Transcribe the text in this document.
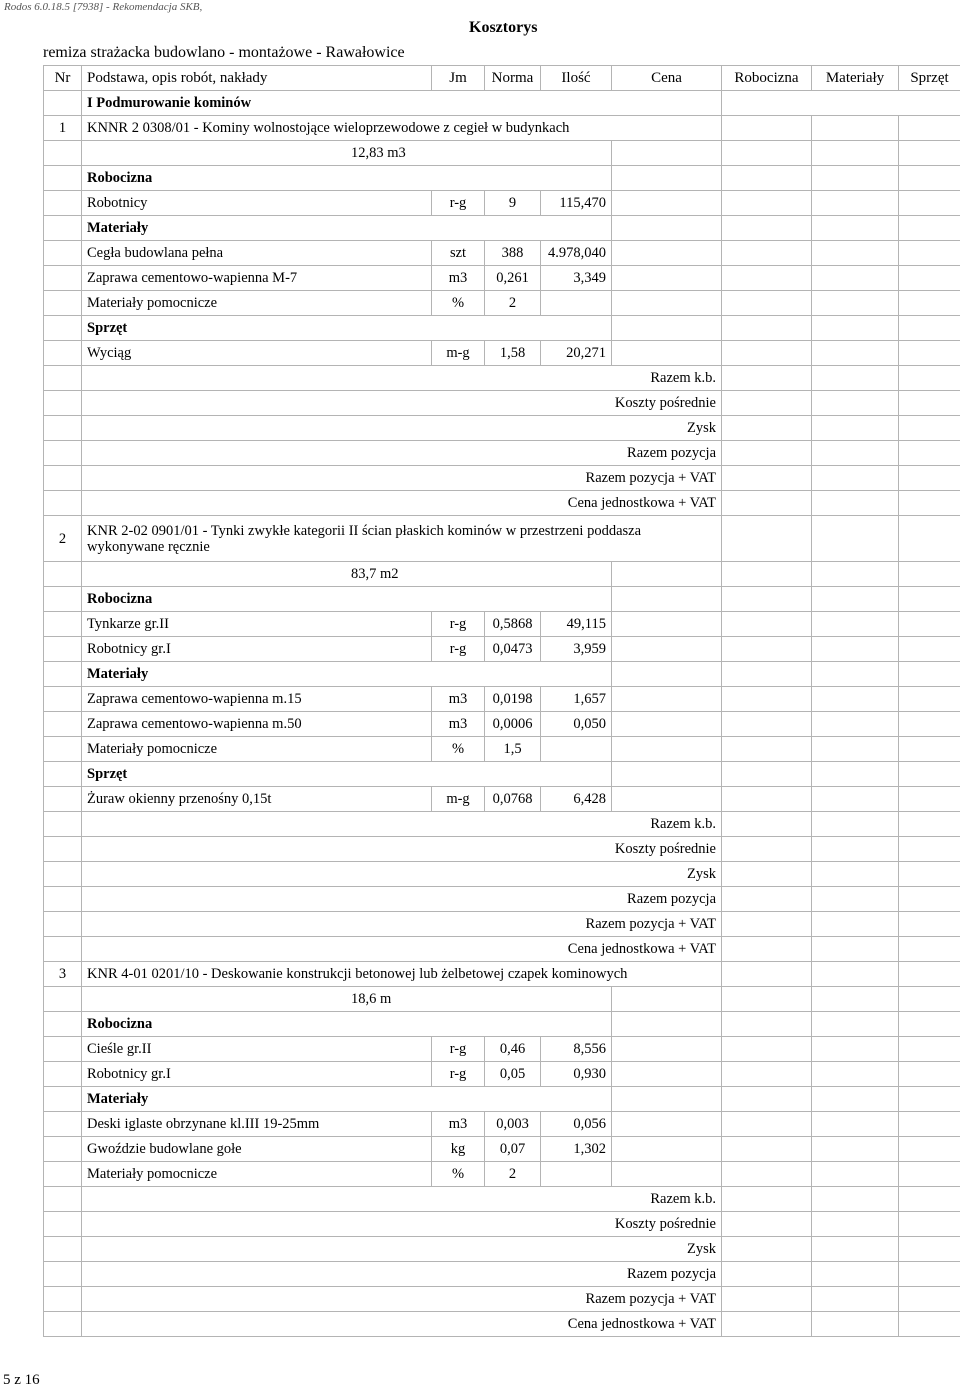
Rodos 6.0.18.5 [7938] - Rekomendacja SKB,
Kosztorys
remiza strażacka budowlano - montażowe - Rawałowice
Nr	Podstawa, opis robót, nakłady	Jm	Norma	Ilość	Cena	Robocizna	Materiały	Sprzęt
	I Podmurowanie kominów							
1	KNNR 2 0308/01 - Kominy wolnostojące wieloprzewodowe z cegieł w budynkach							
	12,83 m3							
	Robocizna							
	Robotnicy	r-g	9	115,470				
	Materiały							
	Cegła budowlana pełna	szt	388	4.978,040				
	Zaprawa cementowo-wapienna M-7	m3	0,261	3,349				
	Materiały pomocnicze	%	2					
	Sprzęt							
	Wyciąg	m-g	1,58	20,271				
	Razem k.b.							
	Koszty pośrednie							
	Zysk							
	Razem pozycja							
	Razem pozycja + VAT							
	Cena jednostkowa + VAT							
2	KNR 2-02 0901/01 - Tynki zwykłe kategorii II ścian płaskich kominów w przestrzeni poddasza wykonywane ręcznie							
	83,7 m2							
	Robocizna							
	Tynkarze gr.II	r-g	0,5868	49,115				
	Robotnicy gr.I	r-g	0,0473	3,959				
	Materiały							
	Zaprawa cementowo-wapienna m.15	m3	0,0198	1,657				
	Zaprawa cementowo-wapienna m.50	m3	0,0006	0,050				
	Materiały pomocnicze	%	1,5					
	Sprzęt							
	Żuraw okienny przenośny 0,15t	m-g	0,0768	6,428				
	Razem k.b.							
	Koszty pośrednie							
	Zysk							
	Razem pozycja							
	Razem pozycja + VAT							
	Cena jednostkowa + VAT							
3	KNR 4-01 0201/10 - Deskowanie konstrukcji betonowej lub żelbetowej czapek kominowych							
	18,6 m							
	Robocizna							
	Cieśle gr.II	r-g	0,46	8,556				
	Robotnicy gr.I	r-g	0,05	0,930				
	Materiały							
	Deski iglaste obrzynane kl.III 19-25mm	m3	0,003	0,056				
	Gwoździe budowlane gołe	kg	0,07	1,302				
	Materiały pomocnicze	%	2					
	Razem k.b.							
	Koszty pośrednie							
	Zysk							
	Razem pozycja							
	Razem pozycja + VAT							
	Cena jednostkowa + VAT							
5 z 16
